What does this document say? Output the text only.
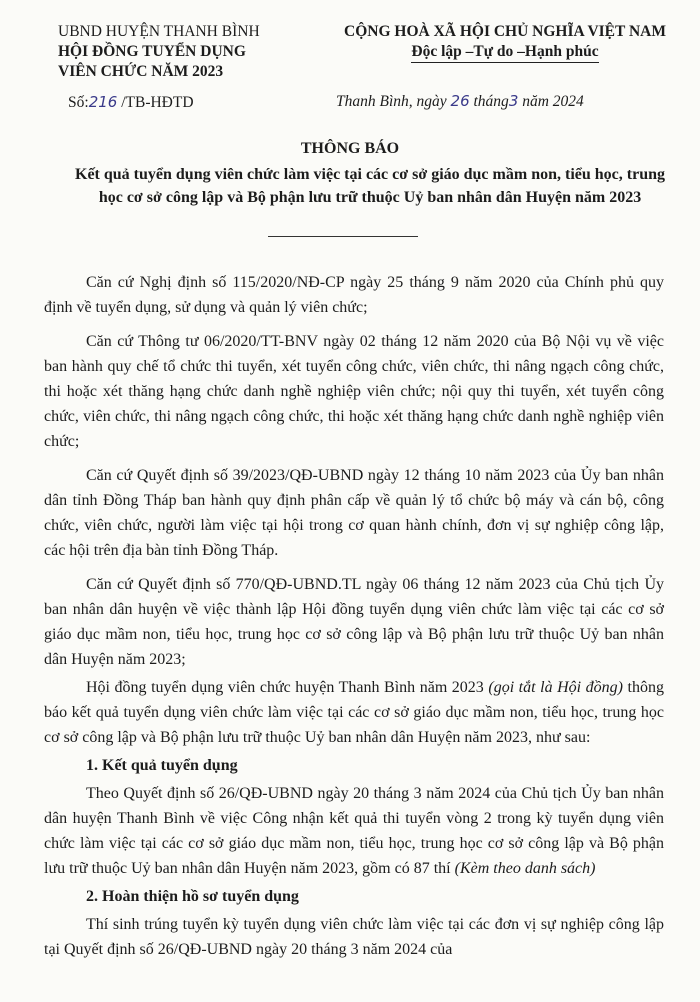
UBND HUYỆN THANH BÌNH
HỘI ĐỒNG TUYỂN DỤNG
VIÊN CHỨC NĂM 2023
CỘNG HOÀ XÃ HỘI CHỦ NGHĨA VIỆT NAM
Độc lập –Tự do –Hạnh phúc
Số:216 /TB-HĐTD	Thanh Bình, ngày 26 tháng3 năm 2024
THÔNG BÁO
Kết quả tuyển dụng viên chức làm việc tại các cơ sở giáo dục mầm non, tiểu học, trung học cơ sở công lập và Bộ phận lưu trữ thuộc Uỷ ban nhân dân Huyện năm 2023

Căn cứ Nghị định số 115/2020/NĐ-CP ngày 25 tháng 9 năm 2020 của Chính phủ quy định về tuyển dụng, sử dụng và quản lý viên chức;

Căn cứ Thông tư 06/2020/TT-BNV ngày 02 tháng 12 năm 2020 của Bộ Nội vụ về việc ban hành quy chế tổ chức thi tuyển, xét tuyển công chức, viên chức, thi nâng ngạch công chức, thi hoặc xét thăng hạng chức danh nghề nghiệp viên chức; nội quy thi tuyển, xét tuyển công chức, viên chức, thi nâng ngạch công chức, thi hoặc xét thăng hạng chức danh nghề nghiệp viên chức;

Căn cứ Quyết định số 39/2023/QĐ-UBND ngày 12 tháng 10 năm 2023 của Ủy ban nhân dân tỉnh Đồng Tháp ban hành quy định phân cấp về quản lý tổ chức bộ máy và cán bộ, công chức, viên chức, người làm việc tại hội trong cơ quan hành chính, đơn vị sự nghiệp công lập, các hội trên địa bàn tỉnh Đồng Tháp.

Căn cứ Quyết định số 770/QĐ-UBND.TL ngày 06 tháng 12 năm 2023 của Chủ tịch Ủy ban nhân dân huyện về việc thành lập Hội đồng tuyển dụng viên chức làm việc tại các cơ sở giáo dục mầm non, tiểu học, trung học cơ sở công lập và Bộ phận lưu trữ thuộc Uỷ ban nhân dân Huyện năm 2023;

Hội đồng tuyển dụng viên chức huyện Thanh Bình năm 2023 (gọi tắt là Hội đồng) thông báo kết quả tuyển dụng viên chức làm việc tại các cơ sở giáo dục mầm non, tiểu học, trung học cơ sở công lập và Bộ phận lưu trữ thuộc Uỷ ban nhân dân Huyện năm 2023, như sau:

1. Kết quả tuyển dụng

Theo Quyết định số 26/QĐ-UBND ngày 20 tháng 3 năm 2024 của Chủ tịch Ủy ban nhân dân huyện Thanh Bình về việc Công nhận kết quả thi tuyển vòng 2 trong kỳ tuyển dụng viên chức làm việc tại các cơ sở giáo dục mầm non, tiểu học, trung học cơ sở công lập và Bộ phận lưu trữ thuộc Uỷ ban nhân dân Huyện năm 2023, gồm có 87 thí (Kèm theo danh sách)

2. Hoàn thiện hồ sơ tuyển dụng

Thí sinh trúng tuyển kỳ tuyển dụng viên chức làm việc tại các đơn vị sự nghiệp công lập tại Quyết định số 26/QĐ-UBND ngày 20 tháng 3 năm 2024 của
